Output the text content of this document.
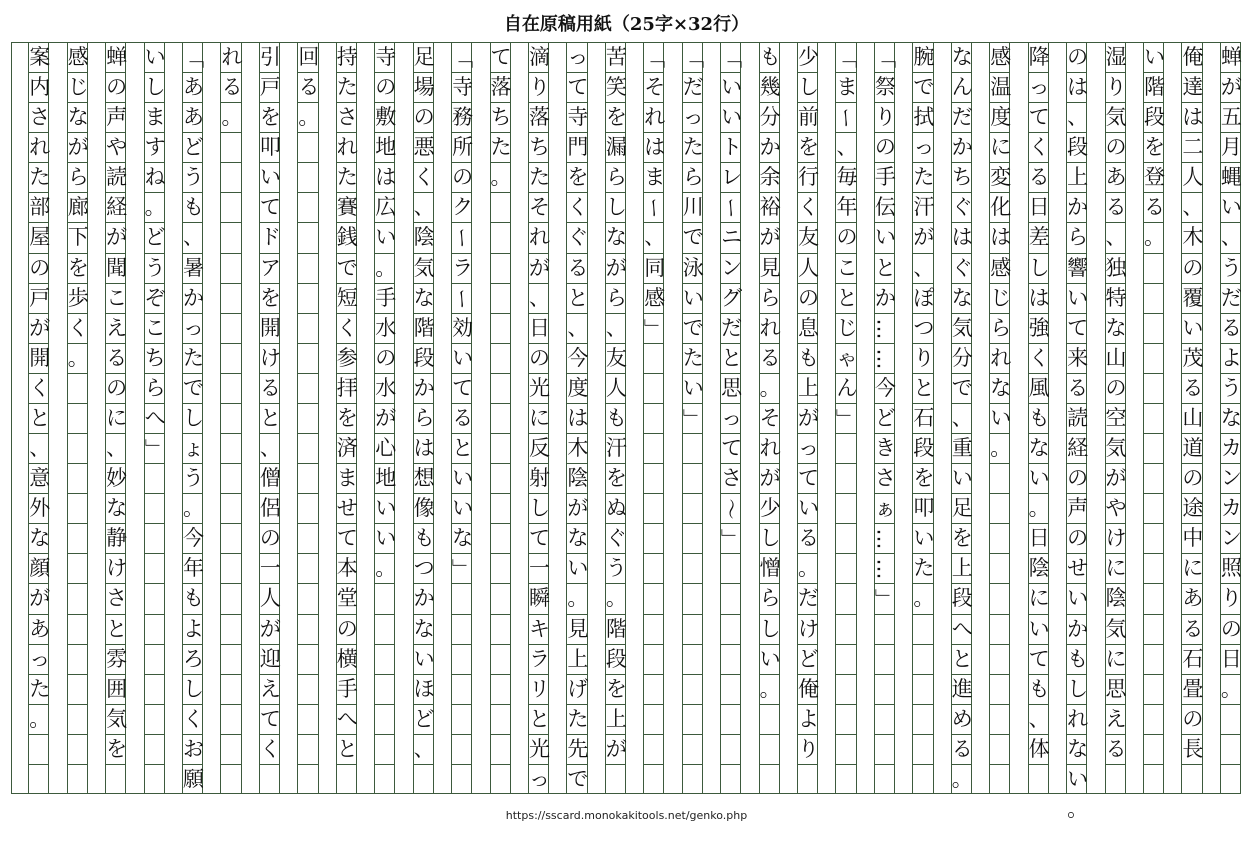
自在原稿用紙（25字×32行）
蝉
が
五
月
蝿
い
、
う
だ
る
よ
う
な
カ
ン
カ
ン
照
り
の
日
。
俺
達
は
二
人
、
木
の
覆
い
茂
る
山
道
の
途
中
に
あ
る
石
畳
の
長
い
階
段
を
登
る
。
湿
り
気
の
あ
る
、
独
特
な
山
の
空
気
が
や
け
に
陰
気
に
思
え
る
の
は
、
段
上
か
ら
響
い
て
来
る
読
経
の
声
の
せ
い
か
も
し
れ
な
い
。
降
っ
て
く
る
日
差
し
は
強
く
風
も
な
い
。
日
陰
に
い
て
も
、
体
感
温
度
に
変
化
は
感
じ
ら
れ
な
い
。
な
ん
だ
か
ち
ぐ
は
ぐ
な
気
分
で
、
重
い
足
を
上
段
へ
と
進
め
る
。
腕
で
拭
っ
た
汗
が
、
ぽ
つ
り
と
石
段
を
叩
い
た
。
「
祭
り
の
手
伝
い
と
か
…
…
今
ど
き
さ
ぁ
…
…
」
「
ま
ー
、
毎
年
の
こ
と
じ
ゃ
ん
」
少
し
前
を
行
く
友
人
の
息
も
上
が
っ
て
い
る
。
だ
け
ど
俺
よ
り
も
幾
分
か
余
裕
が
見
ら
れ
る
。
そ
れ
が
少
し
憎
ら
し
い
。
「
い
い
ト
レ
ー
ニ
ン
グ
だ
と
思
っ
て
さ
～
」
「
だ
っ
た
ら
川
で
泳
い
で
た
い
」
「
そ
れ
は
ま
ー
、
同
感
」
苦
笑
を
漏
ら
し
な
が
ら
、
友
人
も
汗
を
ぬ
ぐ
う
。
階
段
を
上
が
っ
て
寺
門
を
く
ぐ
る
と
、
今
度
は
木
陰
が
な
い
。
見
上
げ
た
先
で
滴
り
落
ち
た
そ
れ
が
、
日
の
光
に
反
射
し
て
一
瞬
キ
ラ
リ
と
光
っ
て
落
ち
た
。
「
寺
務
所
の
ク
ー
ラ
ー
効
い
て
る
と
い
い
な
」
足
場
の
悪
く
、
陰
気
な
階
段
か
ら
は
想
像
も
つ
か
な
い
ほ
ど
、
寺
の
敷
地
は
広
い
。
手
水
の
水
が
心
地
い
い
。
持
た
さ
れ
た
賽
銭
で
短
く
参
拝
を
済
ま
せ
て
本
堂
の
横
手
へ
と
回
る
。
引
戸
を
叩
い
て
ド
ア
を
開
け
る
と
、
僧
侶
の
一
人
が
迎
え
て
く
れ
る
。
「
あ
あ
ど
う
も
、
暑
か
っ
た
で
し
ょ
う
。
今
年
も
よ
ろ
し
く
お
願
い
し
ま
す
ね
。
ど
う
ぞ
こ
ち
ら
へ
」
蝉
の
声
や
読
経
が
聞
こ
え
る
の
に
、
妙
な
静
け
さ
と
雰
囲
気
を
感
じ
な
が
ら
廊
下
を
歩
く
。
案
内
さ
れ
た
部
屋
の
戸
が
開
く
と
、
意
外
な
顔
が
あ
っ
た
。
https://sscard.monokakitools.net/genko.php
